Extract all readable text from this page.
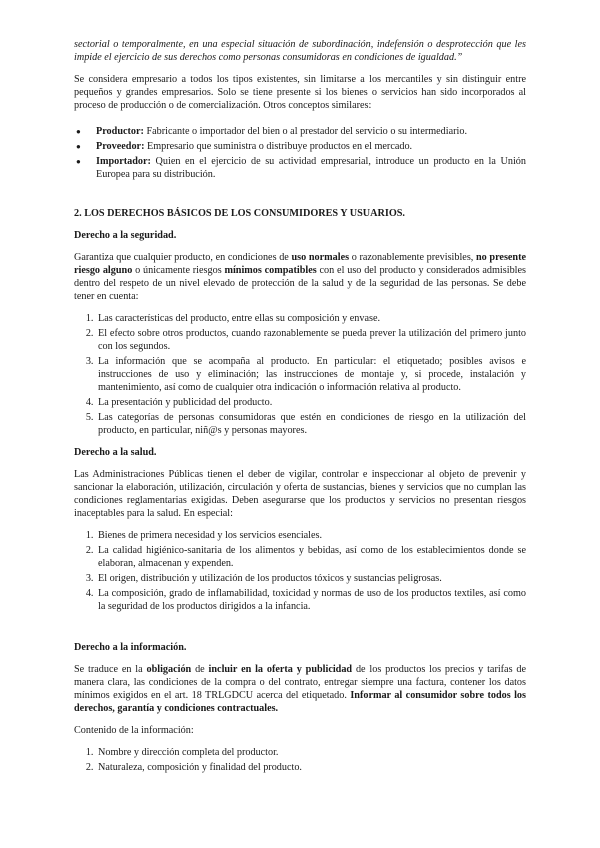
sectorial o temporalmente, en una especial situación de subordinación, indefensión o desprotección que les impide el ejercicio de sus derechos como personas consumidoras en condiciones de igualdad.”

Se considera empresario a todos los tipos existentes, sin limitarse a los mercantiles y sin distinguir entre pequeños y grandes empresarios. Solo se tiene presente si los bienes o servicios han sido incorporados al proceso de producción o de comercialización. Otros conceptos similares:

● Productor: Fabricante o importador del bien o al prestador del servicio o su intermediario.
● Proveedor: Empresario que suministra o distribuye productos en el mercado.
● Importador: Quien en el ejercicio de su actividad empresarial, introduce un producto en la Unión Europea para su distribución.
2. LOS DERECHOS BÁSICOS DE LOS CONSUMIDORES Y USUARIOS.
Derecho a la seguridad.

Garantiza que cualquier producto, en condiciones de uso normales o razonablemente previsibles, no presente riesgo alguno o únicamente riesgos mínimos compatibles con el uso del producto y considerados admisibles dentro del respeto de un nivel elevado de protección de la salud y de la seguridad de las personas. Se debe tener en cuenta:

1. Las características del producto, entre ellas su composición y envase.
2. El efecto sobre otros productos, cuando razonablemente se pueda prever la utilización del primero junto con los segundos.
3. La información que se acompaña al producto. En particular: el etiquetado; posibles avisos e instrucciones de uso y eliminación; las instrucciones de montaje y, si procede, instalación y mantenimiento, así como de cualquier otra indicación o información relativa al producto.
4. La presentación y publicidad del producto.
5. Las categorías de personas consumidoras que estén en condiciones de riesgo en la utilización del producto, en particular, niñ@s y personas mayores.
Derecho a la salud.

Las Administraciones Públicas tienen el deber de vigilar, controlar e inspeccionar al objeto de prevenir y sancionar la elaboración, utilización, circulación y oferta de sustancias, bienes y servicios que no cumplan las condiciones reglamentarias exigidas. Deben asegurarse que los productos y servicios no presentan riesgos inaceptables para la salud. En especial:

1. Bienes de primera necesidad y los servicios esenciales.
2. La calidad higiénico-sanitaria de los alimentos y bebidas, así como de los establecimientos donde se elaboran, almacenan y expenden.
3. El origen, distribución y utilización de los productos tóxicos y sustancias peligrosas.
4. La composición, grado de inflamabilidad, toxicidad y normas de uso de los productos textiles, así como la seguridad de los productos dirigidos a la infancia.
Derecho a la información.

Se traduce en la obligación de incluir en la oferta y publicidad de los productos los precios y tarifas de manera clara, las condiciones de la compra o del contrato, entregar siempre una factura, contener los datos mínimos exigidos en el art. 18 TRLGDCU acerca del etiquetado. Informar al consumidor sobre todos los derechos, garantía y condiciones contractuales.

Contenido de la información:

1. Nombre y dirección completa del productor.
2. Naturaleza, composición y finalidad del producto.
